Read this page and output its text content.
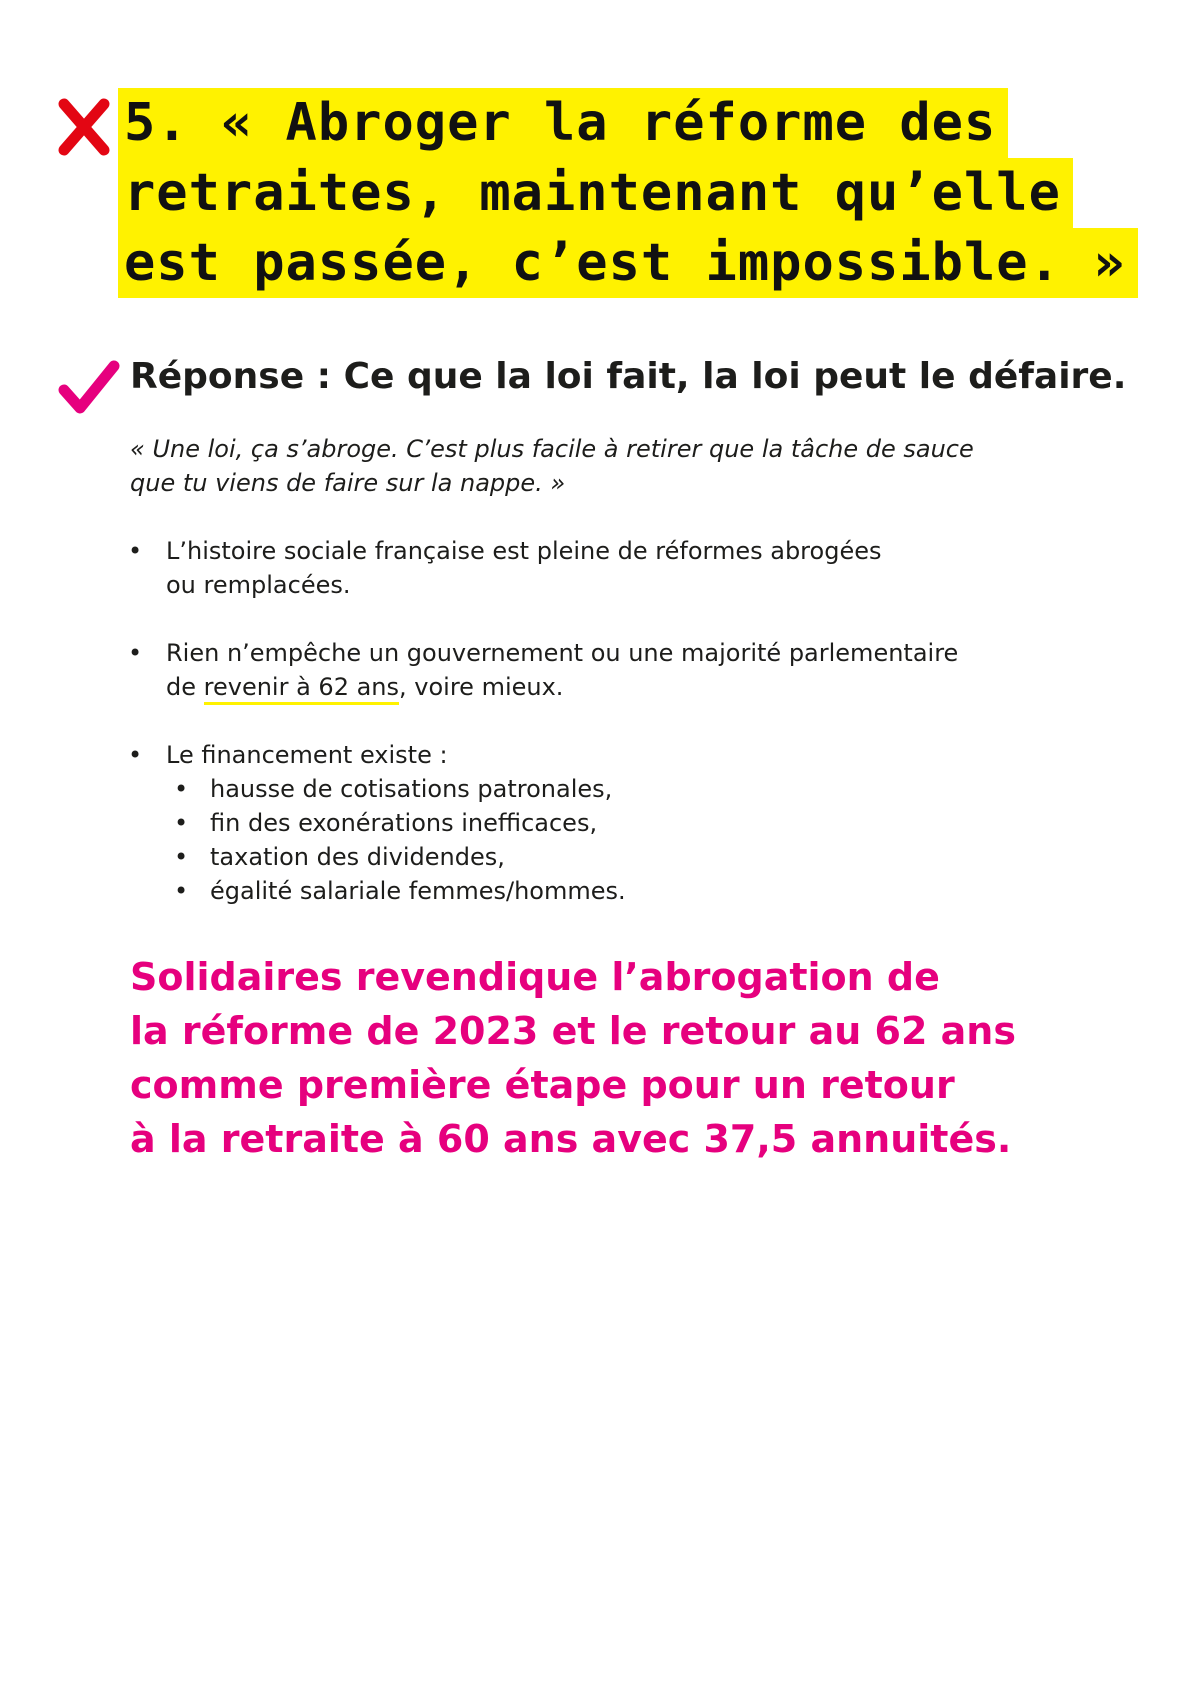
5. « Abroger la réforme des
retraites, maintenant qu’elle
est passée, c’est impossible. »
Réponse : Ce que la loi fait, la loi peut le défaire.
« Une loi, ça s’abroge. C’est plus facile à retirer que la tâche de sauce
que tu viens de faire sur la nappe. »
• L’histoire sociale française est pleine de réformes abrogées
ou remplacées.
• Rien n’empêche un gouvernement ou une majorité parlementaire
de revenir à 62 ans, voire mieux.
• Le financement existe :
• hausse de cotisations patronales,
• fin des exonérations inefficaces,
• taxation des dividendes,
• égalité salariale femmes/hommes.
Solidaires revendique l’abrogation de
la réforme de 2023 et le retour au 62 ans
comme première étape pour un retour
à la retraite à 60 ans avec 37,5 annuités.
